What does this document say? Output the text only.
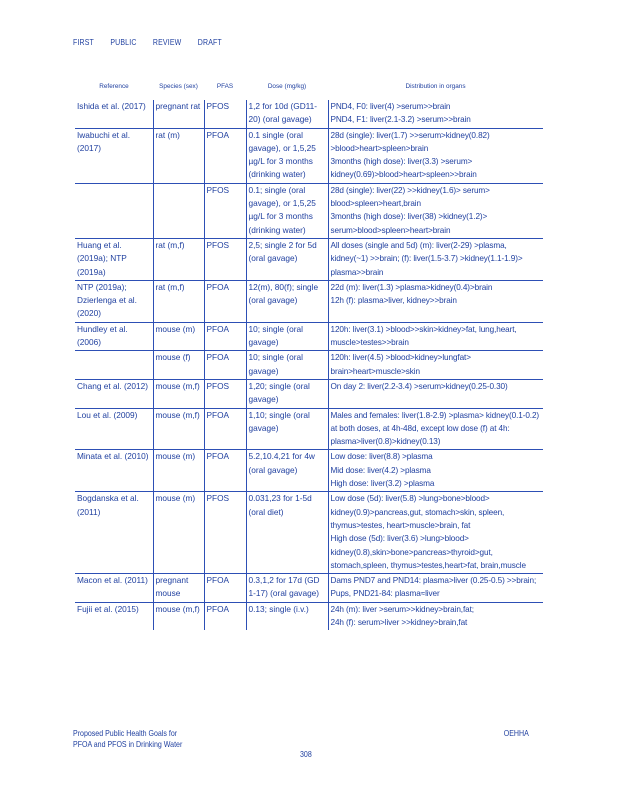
FIRST PUBLIC REVIEW DRAFT
Reference	Species (sex)	PFAS	Dose (mg/kg)	Distribution in organs
Ishida et al. (2017)	pregnant rat	PFOS	1,2 for 10d (GD11-20) (oral gavage)	PND4, F0: liver(4) >serum>>brain
PND4, F1: liver(2.1-3.2) >serum>>brain

Iwabuchi et al. (2017)	rat (m)	PFOA	0.1 single (oral gavage), or 1,5,25 µg/L for 3 months (drinking water)	28d (single): liver(1.7) >>serum>kidney(0.82) >blood>heart>spleen>brain
3months (high dose): liver(3.3) >serum> kidney(0.69)>blood>heart>spleen>>brain

		PFOS	0.1; single (oral gavage), or 1,5,25 µg/L for 3 months (drinking water)	28d (single): liver(22) >>kidney(1.6)> serum> blood>spleen>heart,brain
3months (high dose): liver(38) >kidney(1.2)> serum>blood>spleen>heart>brain

Huang et al. (2019a); NTP (2019a)	rat (m,f)	PFOS	2,5; single 2 for 5d (oral gavage)	All doses (single and 5d) (m): liver(2-29) >plasma, kidney(~1) >>brain; (f): liver(1.5-3.7) >kidney(1.1-1.9)> plasma>>brain

NTP (2019a); Dzierlenga et al. (2020)	rat (m,f)	PFOA	12(m), 80(f); single (oral gavage)	22d (m): liver(1.3) >plasma>kidney(0.4)>brain
12h (f): plasma>liver, kidney>>brain

Hundley et al. (2006)	mouse (m)	PFOA	10; single (oral gavage)	120h: liver(3.1) >blood>>skin>kidney>fat, lung,heart, muscle>testes>>brain

	mouse (f)	PFOA	10; single (oral gavage)	120h: liver(4.5) >blood>kidney>lungfat> brain>heart>muscle>skin

Chang et al. (2012)	mouse (m,f)	PFOS	1,20; single (oral gavage)	On day 2: liver(2.2-3.4) >serum>kidney(0.25-0.30)

Lou et al. (2009)	mouse (m,f)	PFOA	1,10; single (oral gavage)	Males and females: liver(1.8-2.9) >plasma> kidney(0.1-0.2) at both doses, at 4h-48d, except low dose (f) at 4h: plasma>liver(0.8)>kidney(0.13)

Minata et al. (2010)	mouse (m)	PFOA	5.2,10.4,21 for 4w (oral gavage)	Low dose: liver(8.8) >plasma
Mid dose: liver(4.2) >plasma
High dose: liver(3.2) >plasma

Bogdanska et al. (2011)	mouse (m)	PFOS	0.031,23 for 1-5d (oral diet)	Low dose (5d): liver(5.8) >lung>bone>blood> kidney(0.9)>pancreas,gut, stomach>skin, spleen, thymus>testes, heart>muscle>brain, fat
High dose (5d): liver(3.6) >lung>blood> kidney(0.8),skin>bone>pancreas>thyroid>gut, stomach,spleen, thymus>testes,heart>fat, brain,muscle

Macon et al. (2011)	pregnant mouse	PFOA	0.3,1,2 for 17d (GD 1-17) (oral gavage)	Dams PND7 and PND14: plasma>liver (0.25-0.5) >>brain;
Pups, PND21-84: plasma≈liver

Fujii et al. (2015)	mouse (m,f)	PFOA	0.13; single (i.v.)	24h (m): liver >serum>>kidney>brain,fat;
24h (f): serum>liver >>kidney>brain,fat
Proposed Public Health Goals for
PFOA and PFOS in Drinking Water
OEHHA
308
